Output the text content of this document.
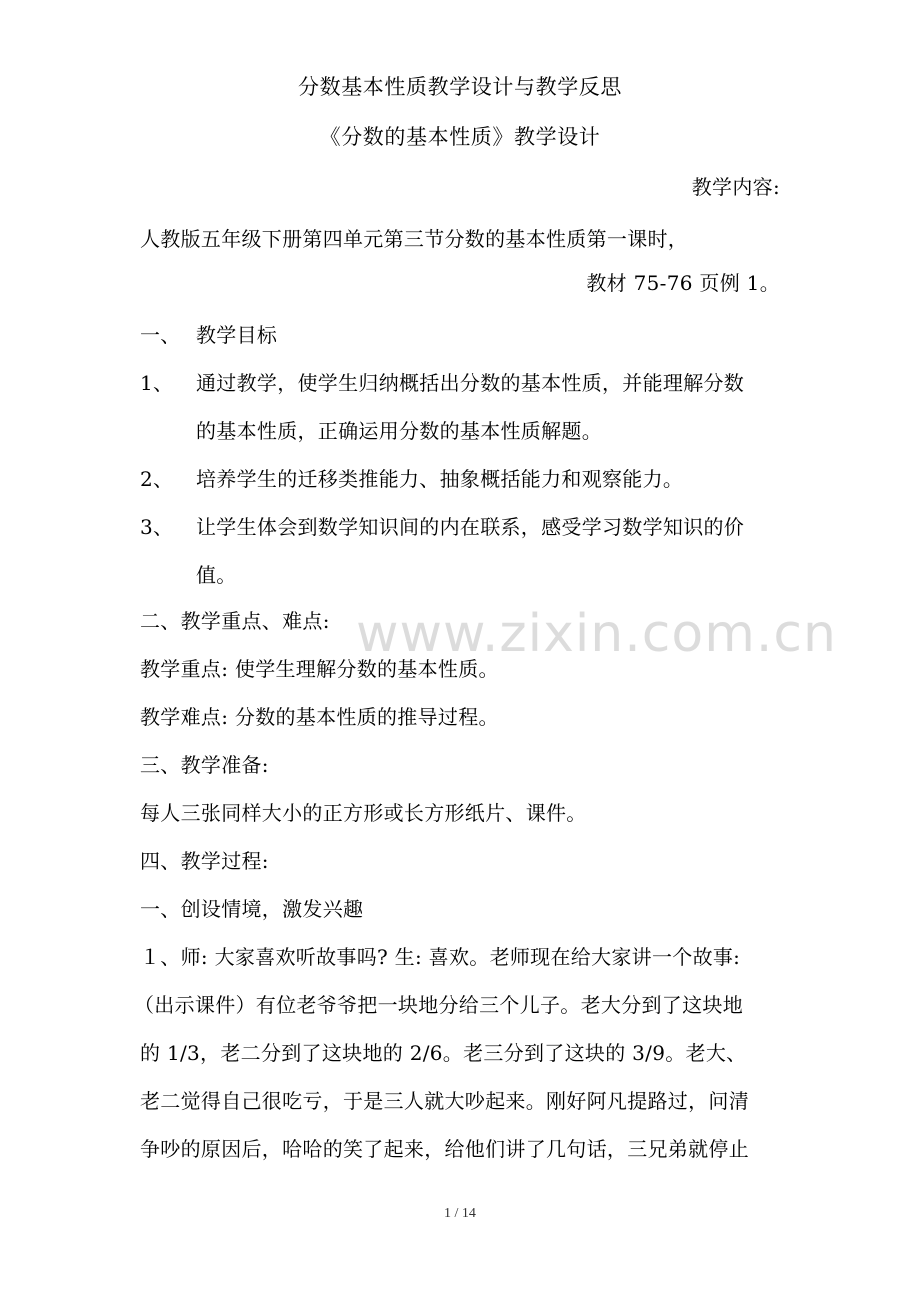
www.zixin.com.cn
分数基本性质教学设计与教学反思
《分数的基本性质》教学设计
教学内容:
人教版五年级下册第四单元第三节分数的基本性质第一课时，
教材 75-76 页例 1。
一、 教学目标
1、 通过教学，使学生归纳概括出分数的基本性质，并能理解分数
的基本性质，正确运用分数的基本性质解题。
2、 培养学生的迁移类推能力、抽象概括能力和观察能力。
3、 让学生体会到数学知识间的内在联系，感受学习数学知识的价
值。
二、教学重点、难点:
教学重点: 使学生理解分数的基本性质。
教学难点: 分数的基本性质的推导过程。
三、教学准备:
每人三张同样大小的正方形或长方形纸片、课件。
四、教学过程:
一、创设情境，激发兴趣
１、师: 大家喜欢听故事吗? 生: 喜欢。老师现在给大家讲一个故事:
（出示课件）有位老爷爷把一块地分给三个儿子。老大分到了这块地
的 1/3，老二分到了这块地的 2/6。老三分到了这块的 3/9。老大、
老二觉得自己很吃亏，于是三人就大吵起来。刚好阿凡提路过，问清
争吵的原因后，哈哈的笑了起来，给他们讲了几句话，三兄弟就停止
1 / 14
